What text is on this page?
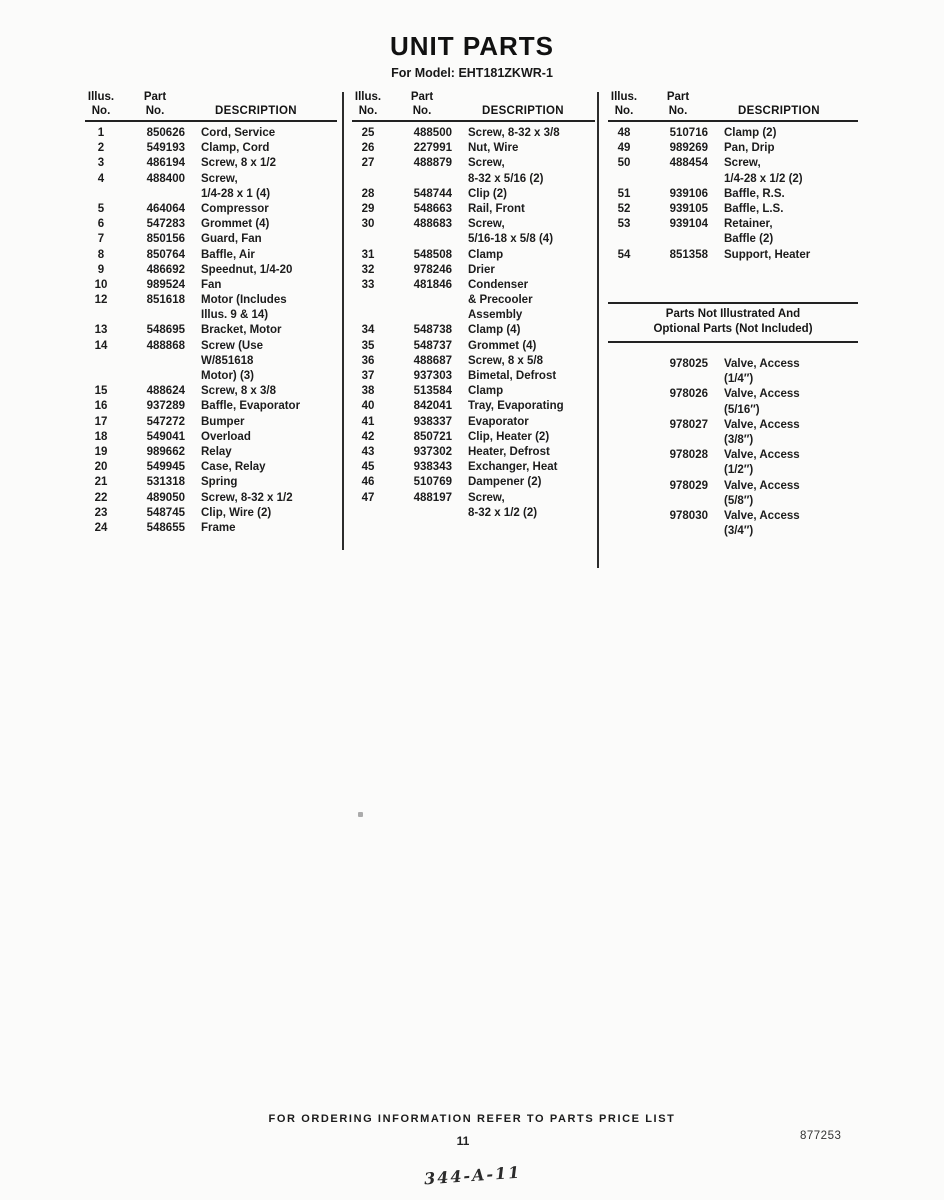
UNIT PARTS
For Model: EHT181ZKWR-1
Illus.	Part
No.	No.	DESCRIPTION
1	850626 Cord, Service
2	549193 Clamp, Cord
3	486194 Screw, 8 x 1/2
4	488400 Screw,
1/4-28 x 1 (4)
5	464064 Compressor
6	547283 Grommet (4)
7	850156 Guard, Fan
8	850764 Baffle, Air
9	486692 Speednut, 1/4-20
10	989524 Fan
12	851618 Motor (Includes
Illus. 9 & 14)
13	548695 Bracket, Motor
14	488868 Screw (Use
W/851618
Motor) (3)
15	488624 Screw, 8 x 3/8
16	937289 Baffle, Evaporator
17	547272 Bumper
18	549041 Overload
19	989662 Relay
20	549945 Case, Relay
21	531318 Spring
22	489050 Screw, 8-32 x 1/2
23	548745 Clip, Wire (2)
24	548655 Frame
Illus.	Part
No.	No.	DESCRIPTION
25	488500 Screw, 8-32 x 3/8
26	227991 Nut, Wire
27	488879 Screw,
8-32 x 5/16 (2)
28	548744 Clip (2)
29	548663 Rail, Front
30	488683 Screw,
5/16-18 x 5/8 (4)
31	548508 Clamp
32	978246 Drier
33	481846 Condenser
& Precooler
Assembly
34	548738 Clamp (4)
35	548737 Grommet (4)
36	488687 Screw, 8 x 5/8
37	937303 Bimetal, Defrost
38	513584 Clamp
40	842041 Tray, Evaporating
41	938337 Evaporator
42	850721 Clip, Heater (2)
43	937302 Heater, Defrost
45	938343 Exchanger, Heat
46	510769 Dampener (2)
47	488197 Screw,
8-32 x 1/2 (2)
Illus.	Part
No.	No.	DESCRIPTION
48	510716 Clamp (2)
49	989269 Pan, Drip
50	488454 Screw,
1/4-28 x 1/2 (2)
51	939106 Baffle, R.S.
52	939105 Baffle, L.S.
53	939104 Retainer,
Baffle (2)
54	851358 Support, Heater
Parts Not Illustrated And
Optional Parts (Not Included)
978025 Valve, Access
(1/4″)
978026 Valve, Access
(5/16″)
978027 Valve, Access
(3/8″)
978028 Valve, Access
(1/2″)
978029 Valve, Access
(5/8″)
978030 Valve, Access
(3/4″)
FOR ORDERING INFORMATION REFER TO PARTS PRICE LIST
11	877253
344-A-11
